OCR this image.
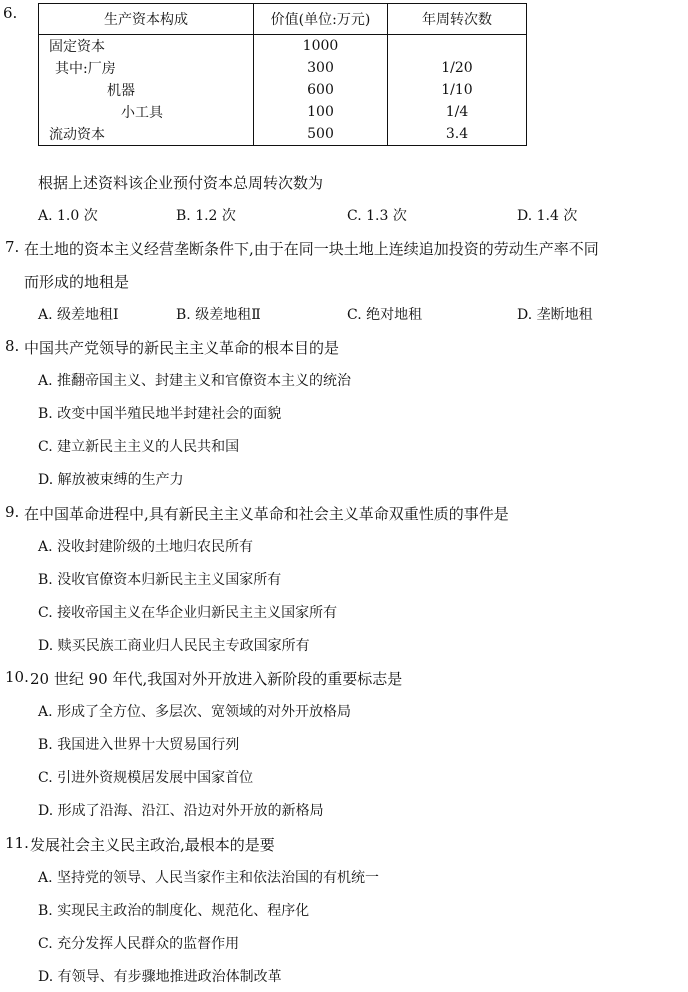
6.	生产资本构成	价值(单位:万元)	年周转次数
固定资本	1000	
其中:厂房	300	1/20
机器	600	1/10
小工具	100	1/4
流动资本	500	3.4
根据上述资料该企业预付资本总周转次数为
A. 1.0 次	B. 1.2 次	C. 1.3 次	D. 1.4 次
7. 在土地的资本主义经营垄断条件下,由于在同一块土地上连续追加投资的劳动生产率不同
而形成的地租是
A. 级差地租Ⅰ	B. 级差地租Ⅱ	C. 绝对地租	D. 垄断地租
8. 中国共产党领导的新民主主义革命的根本目的是
A. 推翻帝国主义、封建主义和官僚资本主义的统治
B. 改变中国半殖民地半封建社会的面貌
C. 建立新民主主义的人民共和国
D. 解放被束缚的生产力
9. 在中国革命进程中,具有新民主主义革命和社会主义革命双重性质的事件是
A. 没收封建阶级的土地归农民所有
B. 没收官僚资本归新民主主义国家所有
C. 接收帝国主义在华企业归新民主主义国家所有
D. 赎买民族工商业归人民民主专政国家所有
10. 20 世纪 90 年代,我国对外开放进入新阶段的重要标志是
A. 形成了全方位、多层次、宽领域的对外开放格局
B. 我国进入世界十大贸易国行列
C. 引进外资规模居发展中国家首位
D. 形成了沿海、沿江、沿边对外开放的新格局
11. 发展社会主义民主政治,最根本的是要
A. 坚持党的领导、人民当家作主和依法治国的有机统一
B. 实现民主政治的制度化、规范化、程序化
C. 充分发挥人民群众的监督作用
D. 有领导、有步骤地推进政治体制改革
